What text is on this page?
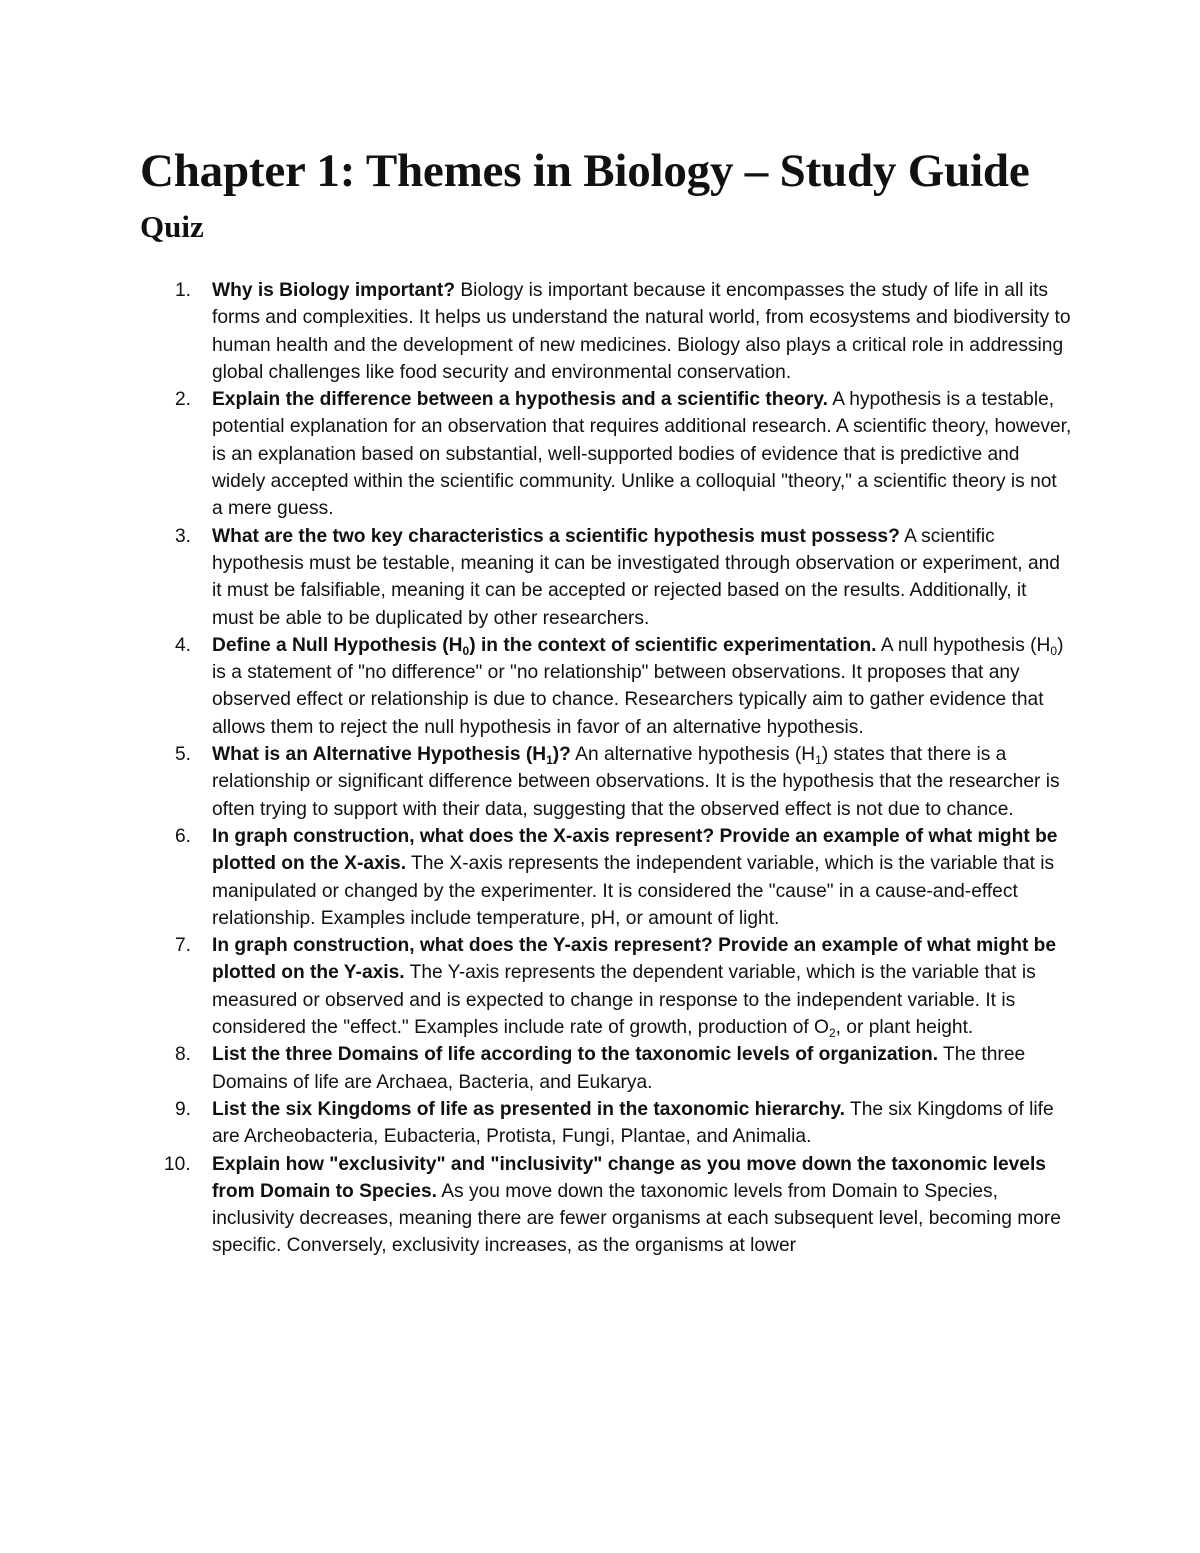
Chapter 1: Themes in Biology – Study Guide
Quiz
1.	Why is Biology important? Biology is important because it encompasses the study of life in all its forms and complexities. It helps us understand the natural world, from ecosystems and biodiversity to human health and the development of new medicines. Biology also plays a critical role in addressing global challenges like food security and environmental conservation.
2.	Explain the difference between a hypothesis and a scientific theory. A hypothesis is a testable, potential explanation for an observation that requires additional research. A scientific theory, however, is an explanation based on substantial, well-supported bodies of evidence that is predictive and widely accepted within the scientific community. Unlike a colloquial "theory," a scientific theory is not a mere guess.
3.	What are the two key characteristics a scientific hypothesis must possess? A scientific hypothesis must be testable, meaning it can be investigated through observation or experiment, and it must be falsifiable, meaning it can be accepted or rejected based on the results. Additionally, it must be able to be duplicated by other researchers.
4.	Define a Null Hypothesis $(H_0)$ in the context of scientific experimentation. A null hypothesis $(H_0)$ is a statement of "no difference" or "no relationship" between observations. It proposes that any observed effect or relationship is due to chance. Researchers typically aim to gather evidence that allows them to reject the null hypothesis in favor of an alternative hypothesis.
5.	What is an Alternative Hypothesis $(H_1)$? An alternative hypothesis $(H_1)$ states that there is a relationship or significant difference between observations. It is the hypothesis that the researcher is often trying to support with their data, suggesting that the observed effect is not due to chance.
6.	In graph construction, what does the X-axis represent? Provide an example of what might be plotted on the X-axis. The X-axis represents the independent variable, which is the variable that is manipulated or changed by the experimenter. It is considered the "cause" in a cause-and-effect relationship. Examples include temperature, pH, or amount of light.
7.	In graph construction, what does the Y-axis represent? Provide an example of what might be plotted on the Y-axis. The Y-axis represents the dependent variable, which is the variable that is measured or observed and is expected to change in response to the independent variable. It is considered the "effect." Examples include rate of growth, production of $O_2$, or plant height.
8.	List the three Domains of life according to the taxonomic levels of organization. The three Domains of life are Archaea, Bacteria, and Eukarya.
9.	List the six Kingdoms of life as presented in the taxonomic hierarchy. The six Kingdoms of life are Archeobacteria, Eubacteria, Protista, Fungi, Plantae, and Animalia.
10. Explain how "exclusivity" and "inclusivity" change as you move down the taxonomic levels from Domain to Species. As you move down the taxonomic levels from Domain to Species, inclusivity decreases, meaning there are fewer organisms at each subsequent level, becoming more specific. Conversely, exclusivity increases, as the organisms at lower
